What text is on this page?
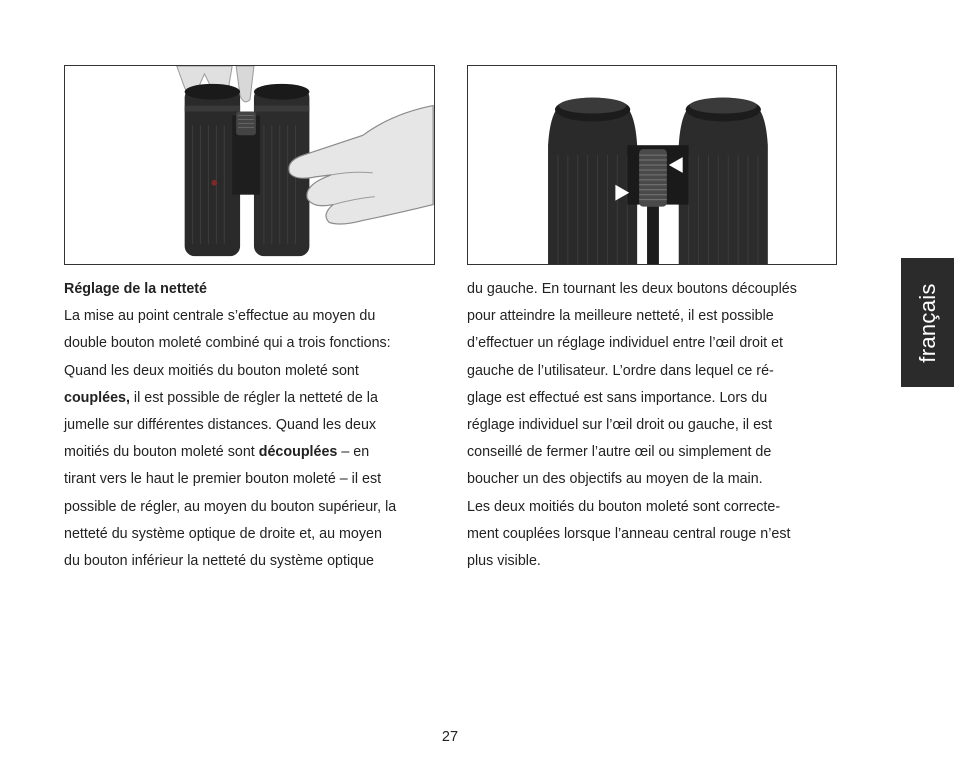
Réglage de la netteté
La mise au point centrale s’effectue au moyen du
double bouton moleté combiné qui a trois fonctions:
Quand les deux moitiés du bouton moleté sont
couplées, il est possible de régler la netteté de la
jumelle sur différentes distances. Quand les deux
moitiés du bouton moleté sont découplées – en
tirant vers le haut le premier bouton moleté – il est
possible de régler, au moyen du bouton supérieur, la
netteté du système optique de droite et, au moyen
du bouton inférieur la netteté du système optique
du gauche. En tournant les deux boutons découplés
pour atteindre la meilleure netteté, il est possible
d’effectuer un réglage individuel entre l’œil droit et
gauche de l’utilisateur. L’ordre dans lequel ce ré-
glage est effectué est sans importance. Lors du
réglage individuel sur l’œil droit ou gauche, il est
conseillé de fermer l’autre œil ou simplement de
boucher un des objectifs au moyen de la main.
Les deux moitiés du bouton moleté sont correcte-
ment couplées lorsque l’anneau central rouge n’est
plus visible.
français
27
